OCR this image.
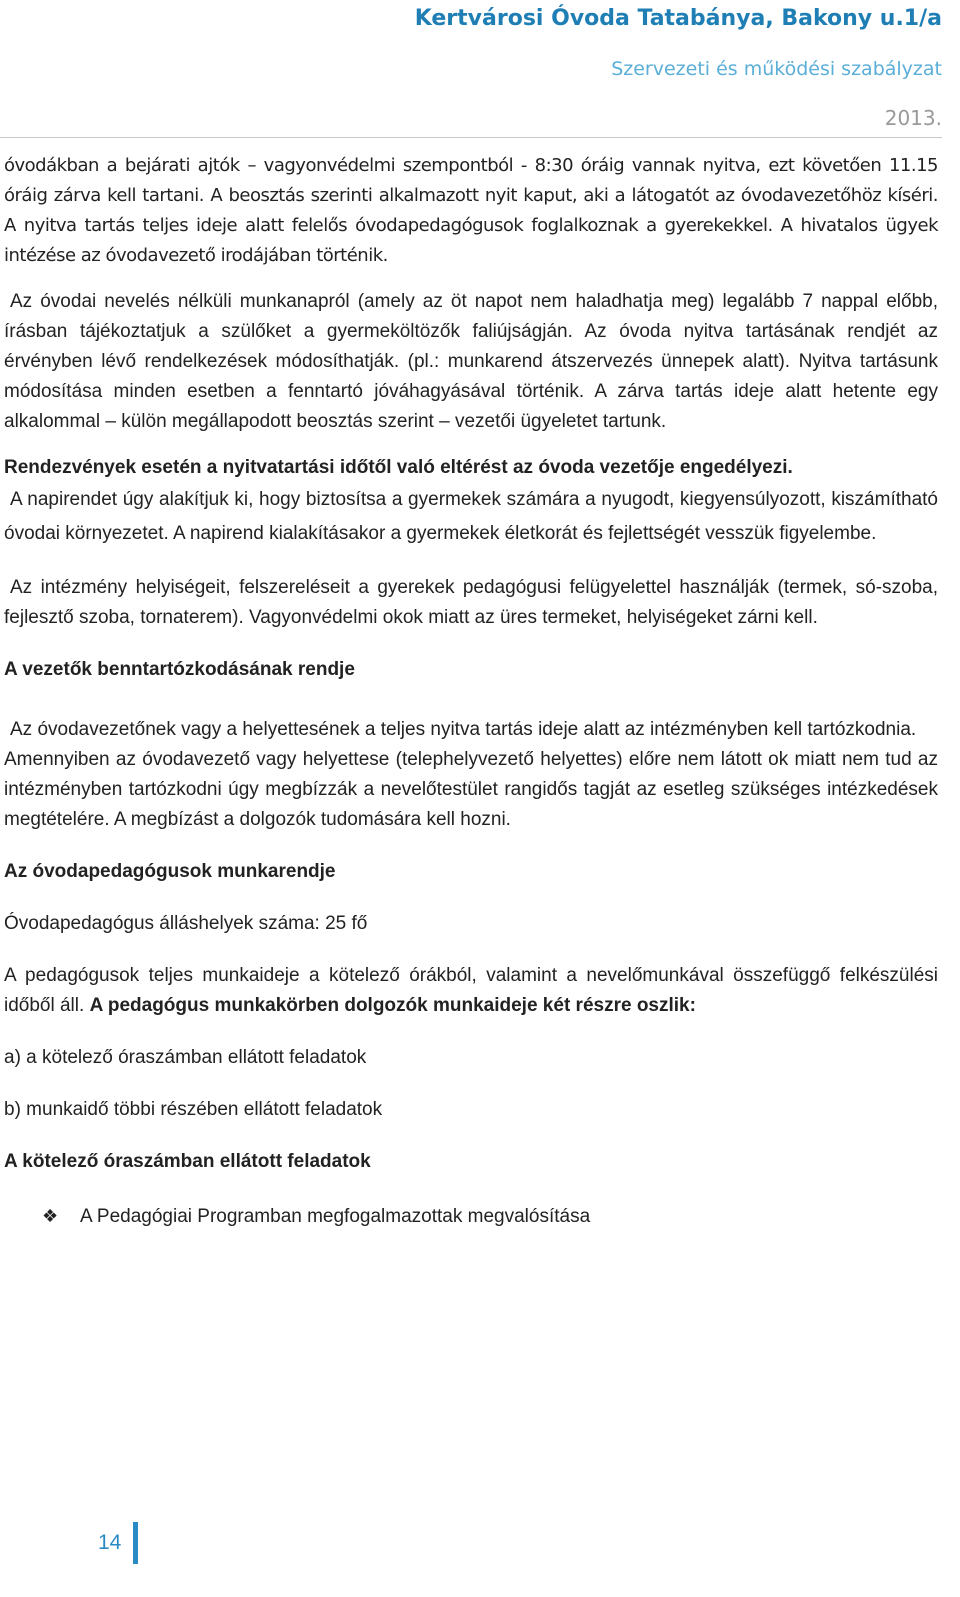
Kertvárosi Óvoda Tatabánya, Bakony u.1/a
Szervezeti és működési szabályzat
2013.

óvodákban a bejárati ajtók – vagyonvédelmi szempontból - 8:30 óráig vannak nyitva, ezt követően 11.15 óráig zárva kell tartani. A beosztás szerinti alkalmazott nyit kaput, aki a látogatót az óvodavezetőhöz kíséri. A nyitva tartás teljes ideje alatt felelős óvodapedagógusok foglalkoznak a gyerekekkel. A hivatalos ügyek intézése az óvodavezető irodájában történik.

Az óvodai nevelés nélküli munkanapról (amely az öt napot nem haladhatja meg) legalább 7 nappal előbb, írásban tájékoztatjuk a szülőket a gyermeköltözők faliújságján. Az óvoda nyitva tartásának rendjét az érvényben lévő rendelkezések módosíthatják. (pl.: munkarend átszervezés ünnepek alatt). Nyitva tartásunk módosítása minden esetben a fenntartó jóváhagyásával történik. A zárva tartás ideje alatt hetente egy alkalommal – külön megállapodott beosztás szerint – vezetői ügyeletet tartunk.

Rendezvények esetén a nyitvatartási időtől való eltérést az óvoda vezetője engedélyezi.

A napirendet úgy alakítjuk ki, hogy biztosítsa a gyermekek számára a nyugodt, kiegyensúlyozott, kiszámítható óvodai környezetet. A napirend kialakításakor a gyermekek életkorát és fejlettségét vesszük figyelembe.

Az intézmény helyiségeit, felszereléseit a gyerekek pedagógusi felügyelettel használják (termek, só-szoba, fejlesztő szoba, tornaterem). Vagyonvédelmi okok miatt az üres termeket, helyiségeket zárni kell.

A vezetők benntartózkodásának rendje

Az óvodavezetőnek vagy a helyettesének a teljes nyitva tartás ideje alatt az intézményben kell tartózkodnia.

Amennyiben az óvodavezető vagy helyettese (telephelyvezető helyettes) előre nem látott ok miatt nem tud az intézményben tartózkodni úgy megbízzák a nevelőtestület rangidős tagját az esetleg szükséges intézkedések megtételére. A megbízást a dolgozók tudomására kell hozni.

Az óvodapedagógusok munkarendje

Óvodapedagógus álláshelyek száma: 25 fő

A pedagógusok teljes munkaideje a kötelező órákból, valamint a nevelőmunkával összefüggő felkészülési időből áll. A pedagógus munkakörben dolgozók munkaideje két részre oszlik:

a) a kötelező óraszámban ellátott feladatok

b) munkaidő többi részében ellátott feladatok

A kötelező óraszámban ellátott feladatok

❖	A Pedagógiai Programban megfogalmazottak megvalósítása
14
